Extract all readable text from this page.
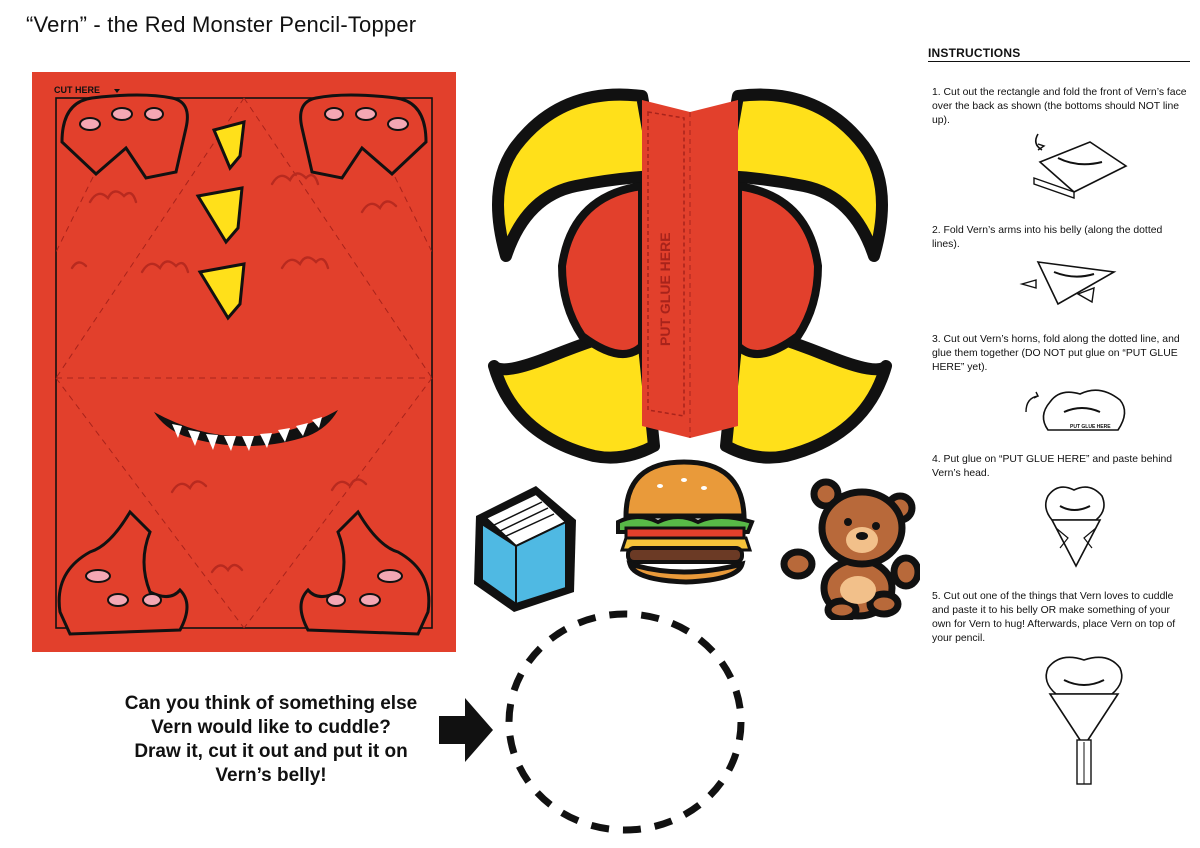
“Vern” - the Red Monster Pencil-Topper
CUT HERE
PUT GLUE HERE
Can you think of something else
Vern would like to cuddle?
Draw it, cut it out and put it on
Vern’s belly!
INSTRUCTIONS
1. Cut out the rectangle and fold the front of Vern’s face over the back as shown (the bottoms should NOT line up).
2. Fold Vern’s arms into his belly (along the dotted lines).
3. Cut out Vern’s horns, fold along the dotted line, and glue them together (DO NOT put glue on “PUT GLUE HERE” yet).
PUT GLUE HERE
4. Put glue on “PUT GLUE HERE” and paste behind Vern’s head.
5. Cut out one of the things that Vern loves to cuddle and paste it to his belly OR make something of your own for Vern to hug! Afterwards, place Vern on top of your pencil.
